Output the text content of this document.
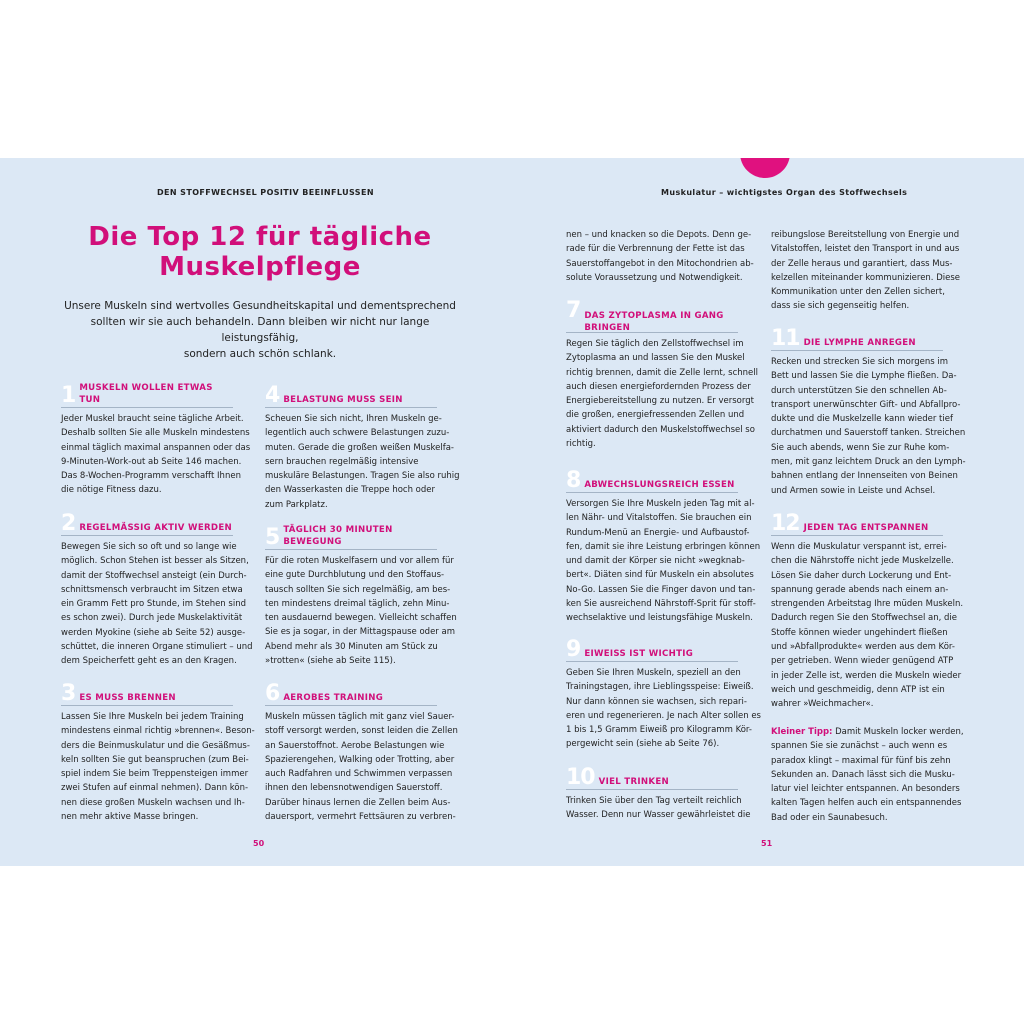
DEN STOFFWECHSEL POSITIV BEEINFLUSSEN	Muskulatur – wichtigstes Organ des Stoffwechsels
Die Top 12 für tägliche
Muskelpflege
Unsere Muskeln sind wertvolles Gesundheitskapital und dementsprechend
sollten wir sie auch behandeln. Dann bleiben wir nicht nur lange leistungsfähig,
sondern auch schön schlank.
1 MUSKELN WOLLEN ETWAS TUN
Jeder Muskel braucht seine tägliche Arbeit.
Deshalb sollten Sie alle Muskeln mindestens
einmal täglich maximal anspannen oder das
9-Minuten-Work-out ab Seite 146 machen.
Das 8-Wochen-Programm verschafft Ihnen
die nötige Fitness dazu.
2 REGELMÄSSIG AKTIV WERDEN
Bewegen Sie sich so oft und so lange wie
möglich. Schon Stehen ist besser als Sitzen,
damit der Stoffwechsel ansteigt (ein Durch-
schnittsmensch verbraucht im Sitzen etwa
ein Gramm Fett pro Stunde, im Stehen sind
es schon zwei). Durch jede Muskelaktivität
werden Myokine (siehe ab Seite 52) ausge-
schüttet, die inneren Organe stimuliert – und
dem Speicherfett geht es an den Kragen.
3 ES MUSS BRENNEN
Lassen Sie Ihre Muskeln bei jedem Training
mindestens einmal richtig »brennen«. Beson-
ders die Beinmuskulatur und die Gesäßmus-
keln sollten Sie gut beanspruchen (zum Bei-
spiel indem Sie beim Treppensteigen immer
zwei Stufen auf einmal nehmen). Dann kön-
nen diese großen Muskeln wachsen und Ih-
nen mehr aktive Masse bringen.
4 BELASTUNG MUSS SEIN
Scheuen Sie sich nicht, Ihren Muskeln ge-
legentlich auch schwere Belastungen zuzu-
muten. Gerade die großen weißen Muskelfa-
sern brauchen regelmäßig intensive
muskuläre Belastungen. Tragen Sie also ruhig
den Wasserkasten die Treppe hoch oder
zum Parkplatz.
5 TÄGLICH 30 MINUTEN BEWEGUNG
Für die roten Muskelfasern und vor allem für
eine gute Durchblutung und den Stoffaus-
tausch sollten Sie sich regelmäßig, am bes-
ten mindestens dreimal täglich, zehn Minu-
ten ausdauernd bewegen. Vielleicht schaffen
Sie es ja sogar, in der Mittagspause oder am
Abend mehr als 30 Minuten am Stück zu
»trotten« (siehe ab Seite 115).
6 AEROBES TRAINING
Muskeln müssen täglich mit ganz viel Sauer-
stoff versorgt werden, sonst leiden die Zellen
an Sauerstoffnot. Aerobe Belastungen wie
Spazierengehen, Walking oder Trotting, aber
auch Radfahren und Schwimmen verpassen
ihnen den lebensnotwendigen Sauerstoff.
Darüber hinaus lernen die Zellen beim Aus-
dauersport, vermehrt Fettsäuren zu verbren-
nen – und knacken so die Depots. Denn ge-
rade für die Verbrennung der Fette ist das
Sauerstoffangebot in den Mitochondrien ab-
solute Voraussetzung und Notwendigkeit.
7 DAS ZYTOPLASMA IN GANG
BRINGEN
Regen Sie täglich den Zellstoffwechsel im
Zytoplasma an und lassen Sie den Muskel
richtig brennen, damit die Zelle lernt, schnell
auch diesen energiefordernden Prozess der
Energiebereitstellung zu nutzen. Er versorgt
die großen, energiefressenden Zellen und
aktiviert dadurch den Muskelstoffwechsel so
richtig.
8 ABWECHSLUNGSREICH ESSEN
Versorgen Sie Ihre Muskeln jeden Tag mit al-
len Nähr- und Vitalstoffen. Sie brauchen ein
Rundum-Menü an Energie- und Aufbaustof-
fen, damit sie ihre Leistung erbringen können
und damit der Körper sie nicht »wegknab-
bert«. Diäten sind für Muskeln ein absolutes
No-Go. Lassen Sie die Finger davon und tan-
ken Sie ausreichend Nährstoff-Sprit für stoff-
wechselaktive und leistungsfähige Muskeln.
9 EIWEISS IST WICHTIG
Geben Sie Ihren Muskeln, speziell an den
Trainingstagen, ihre Lieblingsspeise: Eiweiß.
Nur dann können sie wachsen, sich repari-
eren und regenerieren. Je nach Alter sollen es
1 bis 1,5 Gramm Eiweiß pro Kilogramm Kör-
pergewicht sein (siehe ab Seite 76).
10 VIEL TRINKEN
Trinken Sie über den Tag verteilt reichlich
Wasser. Denn nur Wasser gewährleistet die
reibungslose Bereitstellung von Energie und
Vitalstoffen, leistet den Transport in und aus
der Zelle heraus und garantiert, dass Mus-
kelzellen miteinander kommunizieren. Diese
Kommunikation unter den Zellen sichert,
dass sie sich gegenseitig helfen.
11 DIE LYMPHE ANREGEN
Recken und strecken Sie sich morgens im
Bett und lassen Sie die Lymphe fließen. Da-
durch unterstützen Sie den schnellen Ab-
transport unerwünschter Gift- und Abfallpro-
dukte und die Muskelzelle kann wieder tief
durchatmen und Sauerstoff tanken. Streichen
Sie auch abends, wenn Sie zur Ruhe kom-
men, mit ganz leichtem Druck an den Lymph-
bahnen entlang der Innenseiten von Beinen
und Armen sowie in Leiste und Achsel.
12 JEDEN TAG ENTSPANNEN
Wenn die Muskulatur verspannt ist, errei-
chen die Nährstoffe nicht jede Muskelzelle.
Lösen Sie daher durch Lockerung und Ent-
spannung gerade abends nach einem an-
strengenden Arbeitstag Ihre müden Muskeln.
Dadurch regen Sie den Stoffwechsel an, die
Stoffe können wieder ungehindert fließen
und »Abfallprodukte« werden aus dem Kör-
per getrieben. Wenn wieder genügend ATP
in jeder Zelle ist, werden die Muskeln wieder
weich und geschmeidig, denn ATP ist ein
wahrer »Weichmacher«.
Kleiner Tipp: Damit Muskeln locker werden,
spannen Sie sie zunächst – auch wenn es
paradox klingt – maximal für fünf bis zehn
Sekunden an. Danach lässt sich die Musku-
latur viel leichter entspannen. An besonders
kalten Tagen helfen auch ein entspannendes
Bad oder ein Saunabesuch.
50	51
